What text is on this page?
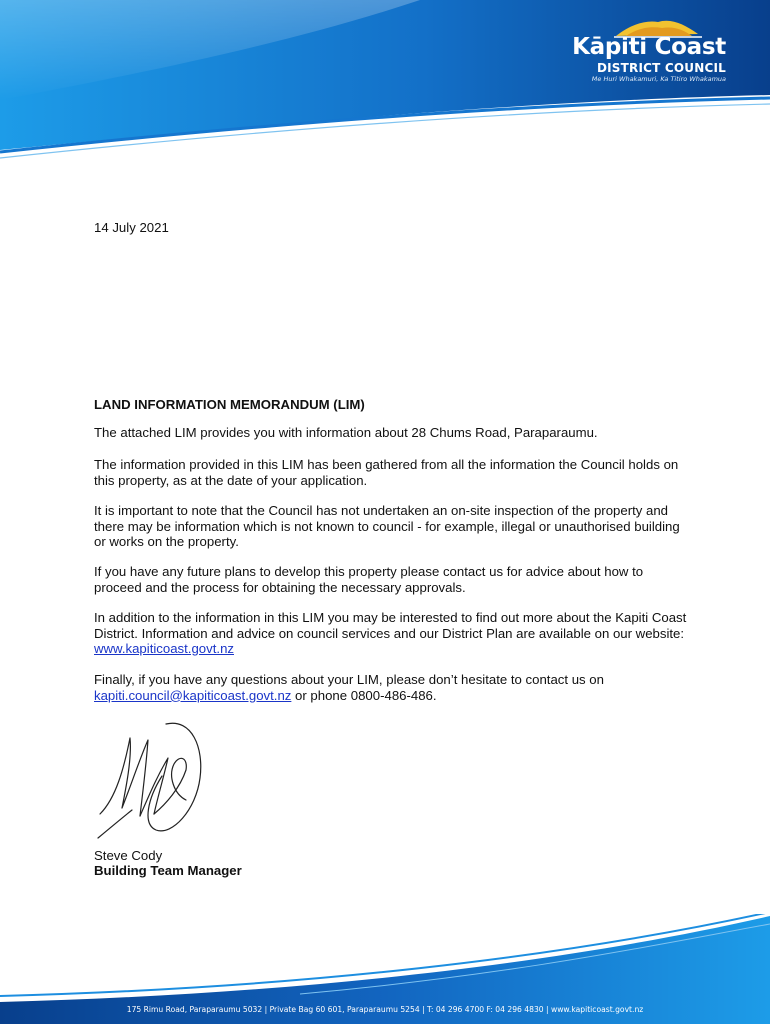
Kāpiti Coast
DISTRICT COUNCIL
Me Huri Whakamuri, Ka Titiro Whakamua
14 July 2021
LAND INFORMATION MEMORANDUM (LIM)

The attached LIM provides you with information about 28 Chums Road, Paraparaumu.

The information provided in this LIM has been gathered from all the information the Council holds on this property, as at the date of your application.

It is important to note that the Council has not undertaken an on-site inspection of the property and there may be information which is not known to council - for example, illegal or unauthorised building or works on the property.

If you have any future plans to develop this property please contact us for advice about how to proceed and the process for obtaining the necessary approvals.

In addition to the information in this LIM you may be interested to find out more about the Kapiti Coast District. Information and advice on council services and our District Plan are available on our website: www.kapiticoast.govt.nz

Finally, if you have any questions about your LIM, please don’t hesitate to contact us on kapiti.council@kapiticoast.govt.nz or phone 0800-486-486.

Steve Cody
Building Team Manager
175 Rimu Road, Paraparaumu 5032 | Private Bag 60 601, Paraparaumu 5254 | T: 04 296 4700 F: 04 296 4830 | www.kapiticoast.govt.nz
